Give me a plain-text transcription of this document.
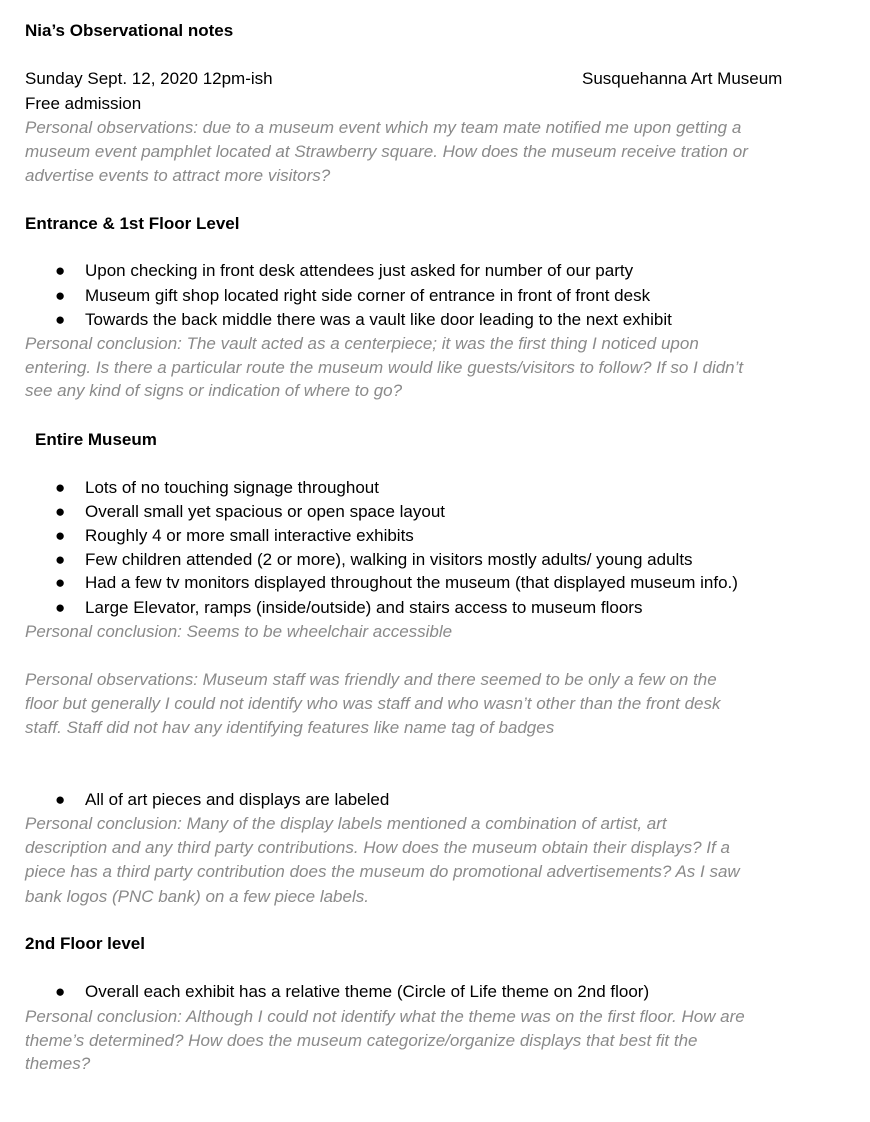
Nia’s Observational notes
Sunday Sept. 12, 2020 12pm-ish	Susquehanna Art Museum
Free admission
Personal observations: due to a museum event which my team mate notified me upon getting a
museum event pamphlet located at Strawberry square. How does the museum receive tration or
advertise events to attract more visitors?
Entrance & 1st Floor Level
● Upon checking in front desk attendees just asked for number of our party
● Museum gift shop located right side corner of entrance in front of front desk
● Towards the back middle there was a vault like door leading to the next exhibit
Personal conclusion: The vault acted as a centerpiece; it was the first thing I noticed upon
entering. Is there a particular route the museum would like guests/visitors to follow? If so I didn’t
see any kind of signs or indication of where to go?
Entire Museum
● Lots of no touching signage throughout
● Overall small yet spacious or open space layout
● Roughly 4 or more small interactive exhibits
● Few children attended (2 or more), walking in visitors mostly adults/ young adults
● Had a few tv monitors displayed throughout the museum (that displayed museum info.)
● Large Elevator, ramps (inside/outside) and stairs access to museum floors
Personal conclusion: Seems to be wheelchair accessible
Personal observations: Museum staff was friendly and there seemed to be only a few on the
floor but generally I could not identify who was staff and who wasn’t other than the front desk
staff. Staff did not hav any identifying features like name tag of badges
● All of art pieces and displays are labeled
Personal conclusion: Many of the display labels mentioned a combination of artist, art
description and any third party contributions. How does the museum obtain their displays? If a
piece has a third party contribution does the museum do promotional advertisements? As I saw
bank logos (PNC bank) on a few piece labels.
2nd Floor level
● Overall each exhibit has a relative theme (Circle of Life theme on 2nd floor)
Personal conclusion: Although I could not identify what the theme was on the first floor. How are
theme’s determined? How does the museum categorize/organize displays that best fit the
themes?
